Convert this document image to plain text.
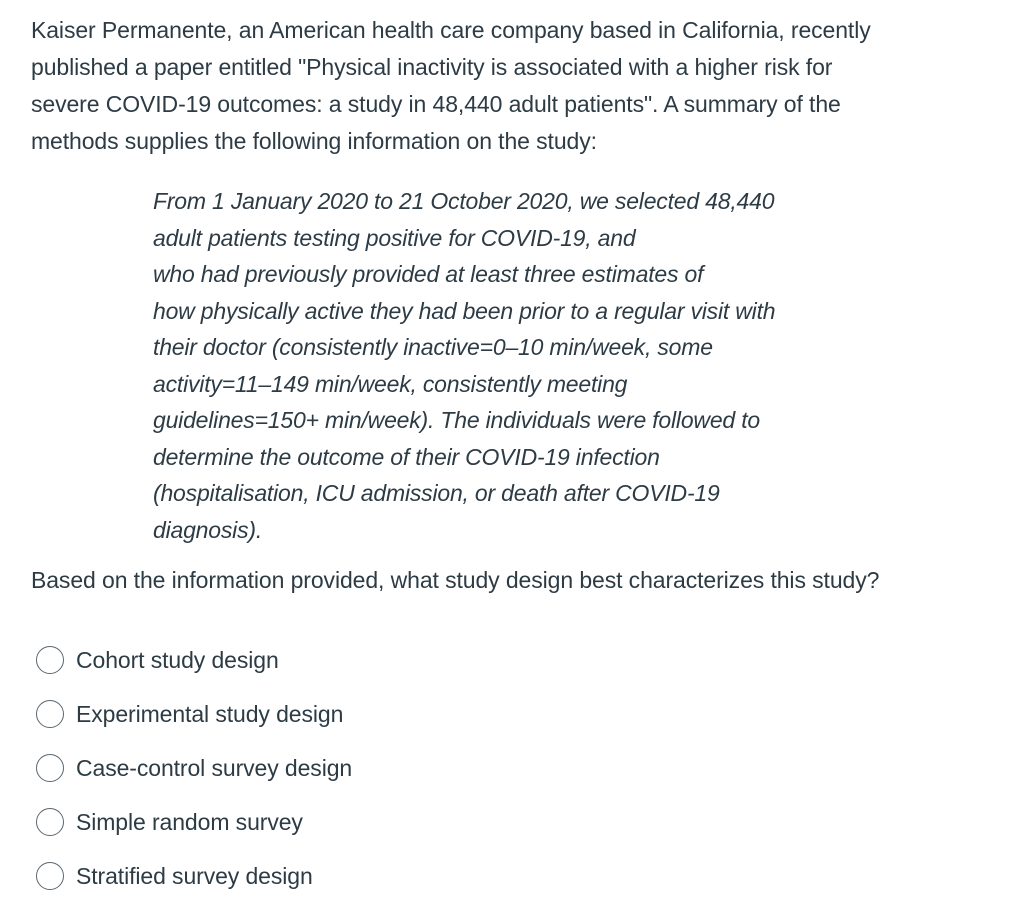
Kaiser Permanente, an American health care company based in California, recently
published a paper entitled "Physical inactivity is associated with a higher risk for
severe COVID-19 outcomes: a study in 48,440 adult patients". A summary of the
methods supplies the following information on the study:
From 1 January 2020 to 21 October 2020, we selected 48,440
adult patients testing positive for COVID-19, and
who had previously provided at least three estimates of
how physically active they had been prior to a regular visit with
their doctor (consistently inactive=0–10 min/week, some
activity=11–149 min/week, consistently meeting
guidelines=150+ min/week). The individuals were followed to
determine the outcome of their COVID-19 infection
(hospitalisation, ICU admission, or death after COVID-19
diagnosis).
Based on the information provided, what study design best characterizes this study?
Cohort study design
Experimental study design
Case-control survey design
Simple random survey
Stratified survey design
